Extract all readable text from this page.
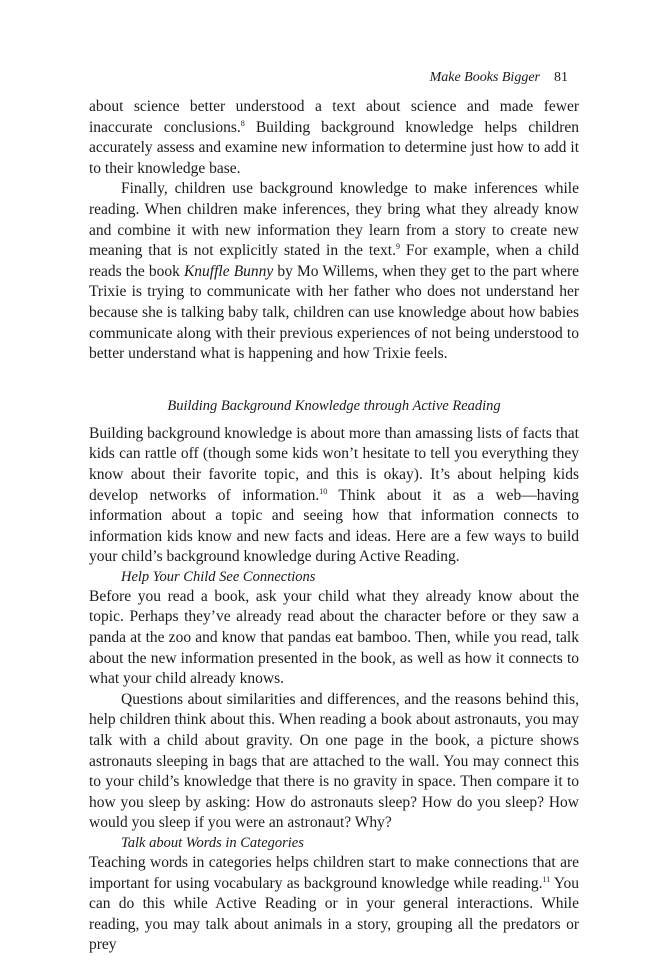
Make Books Bigger 81

about science better understood a text about science and made fewer inaccurate conclusions.$^8$ Building background knowledge helps children accurately assess and examine new information to determine just how to add it to their knowledge base.

Finally, children use background knowledge to make inferences while reading. When children make inferences, they bring what they already know and combine it with new information they learn from a story to create new meaning that is not explicitly stated in the text.$^9$ For example, when a child reads the book Knuffle Bunny by Mo Willems, when they get to the part where Trixie is trying to communicate with her father who does not understand her because she is talking baby talk, children can use knowledge about how babies communicate along with their previous experiences of not being understood to better understand what is happening and how Trixie feels.

Building Background Knowledge through Active Reading

Building background knowledge is about more than amassing lists of facts that kids can rattle off (though some kids won’t hesitate to tell you everything they know about their favorite topic, and this is okay). It’s about helping kids develop networks of information.$^{10}$ Think about it as a web—having information about a topic and seeing how that information connects to information kids know and new facts and ideas. Here are a few ways to build your child’s background knowledge during Active Reading.

Help Your Child See Connections

Before you read a book, ask your child what they already know about the topic. Perhaps they’ve already read about the character before or they saw a panda at the zoo and know that pandas eat bamboo. Then, while you read, talk about the new information presented in the book, as well as how it connects to what your child already knows.

Questions about similarities and differences, and the reasons behind this, help children think about this. When reading a book about astronauts, you may talk with a child about gravity. On one page in the book, a picture shows astronauts sleeping in bags that are attached to the wall. You may connect this to your child’s knowledge that there is no gravity in space. Then compare it to how you sleep by asking: How do astronauts sleep? How do you sleep? How would you sleep if you were an astronaut? Why?

Talk about Words in Categories

Teaching words in categories helps children start to make connections that are important for using vocabulary as background knowledge while reading.$^{11}$ You can do this while Active Reading or in your general interactions. While reading, you may talk about animals in a story, grouping all the predators or prey
